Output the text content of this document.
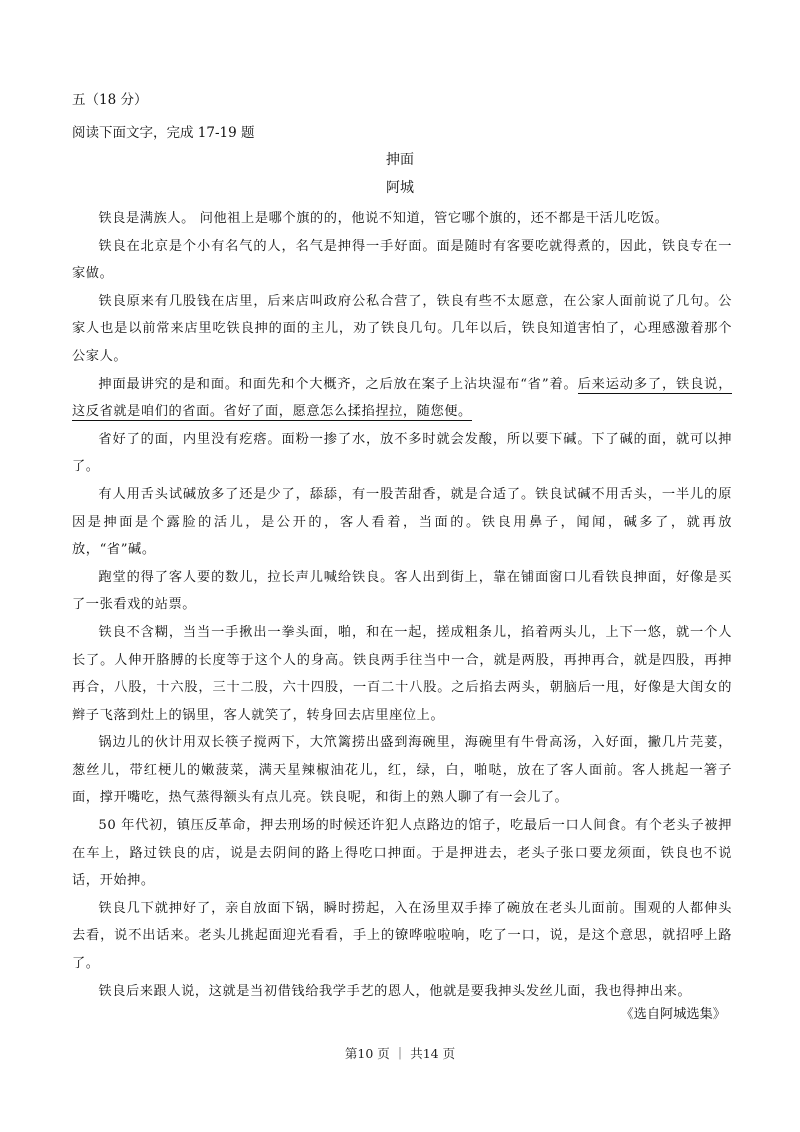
五（18 分）
阅读下面文字，完成 17-19 题
抻面
阿城

铁良是满族人。 问他祖上是哪个旗的的，他说不知道，管它哪个旗的，还不都是干活儿吃饭。

铁良在北京是个小有名气的人，名气是抻得一手好面。面是随时有客要吃就得煮的，因此，铁良专在一家做。

铁良原来有几股钱在店里，后来店叫政府公私合营了，铁良有些不太愿意，在公家人面前说了几句。公家人也是以前常来店里吃铁良抻的面的主儿，劝了铁良几句。几年以后，铁良知道害怕了，心理感激着那个公家人。

抻面最讲究的是和面。和面先和个大概齐，之后放在案子上沾块湿布“省”着。后来运动多了，铁良说，这反省就是咱们的省面。省好了面，愿意怎么揉掐捏拉，随您便。

省好了的面，内里没有疙瘩。面粉一掺了水，放不多时就会发酸，所以要下碱。下了碱的面，就可以抻了。

有人用舌头试碱放多了还是少了，舔舔，有一股苦甜香，就是合适了。铁良试碱不用舌头，一半儿的原因是抻面是个露脸的活儿，是公开的，客人看着，当面的。铁良用鼻子，闻闻，碱多了，就再放放，“省”碱。

跑堂的得了客人要的数儿，拉长声儿喊给铁良。客人出到街上，靠在铺面窗口儿看铁良抻面，好像是买了一张看戏的站票。

铁良不含糊，当当一手揪出一拳头面，啪，和在一起，搓成粗条儿，掐着两头儿，上下一悠，就一个人长了。人伸开胳膊的长度等于这个人的身高。铁良两手往当中一合，就是两股，再抻再合，就是四股，再抻再合，八股，十六股，三十二股，六十四股，一百二十八股。之后掐去两头，朝脑后一甩，好像是大闺女的辫子飞落到灶上的锅里，客人就笑了，转身回去店里座位上。

锅边儿的伙计用双长筷子搅两下，大笊篱捞出盛到海碗里，海碗里有牛骨高汤，入好面，撇几片芫荽，葱丝儿，带红梗儿的嫩菠菜，满天星辣椒油花儿，红，绿，白，啪哒，放在了客人面前。客人挑起一箸子面，撑开嘴吃，热气蒸得额头有点儿亮。铁良呢，和街上的熟人聊了有一会儿了。

50 年代初，镇压反革命，押去刑场的时候还许犯人点路边的馆子，吃最后一口人间食。有个老头子被押在车上，路过铁良的店，说是去阴间的路上得吃口抻面。于是押进去，老头子张口要龙须面，铁良也不说话，开始抻。

铁良几下就抻好了，亲自放面下锅，瞬时捞起，入在汤里双手捧了碗放在老头儿面前。围观的人都伸头去看，说不出话来。老头儿挑起面迎光看看，手上的镣哗啦啦响，吃了一口，说，是这个意思，就招呼上路了。

铁良后来跟人说，这就是当初借钱给我学手艺的恩人，他就是要我抻头发丝儿面，我也得抻出来。

《选自阿城选集》
第10 页 ｜ 共14 页
